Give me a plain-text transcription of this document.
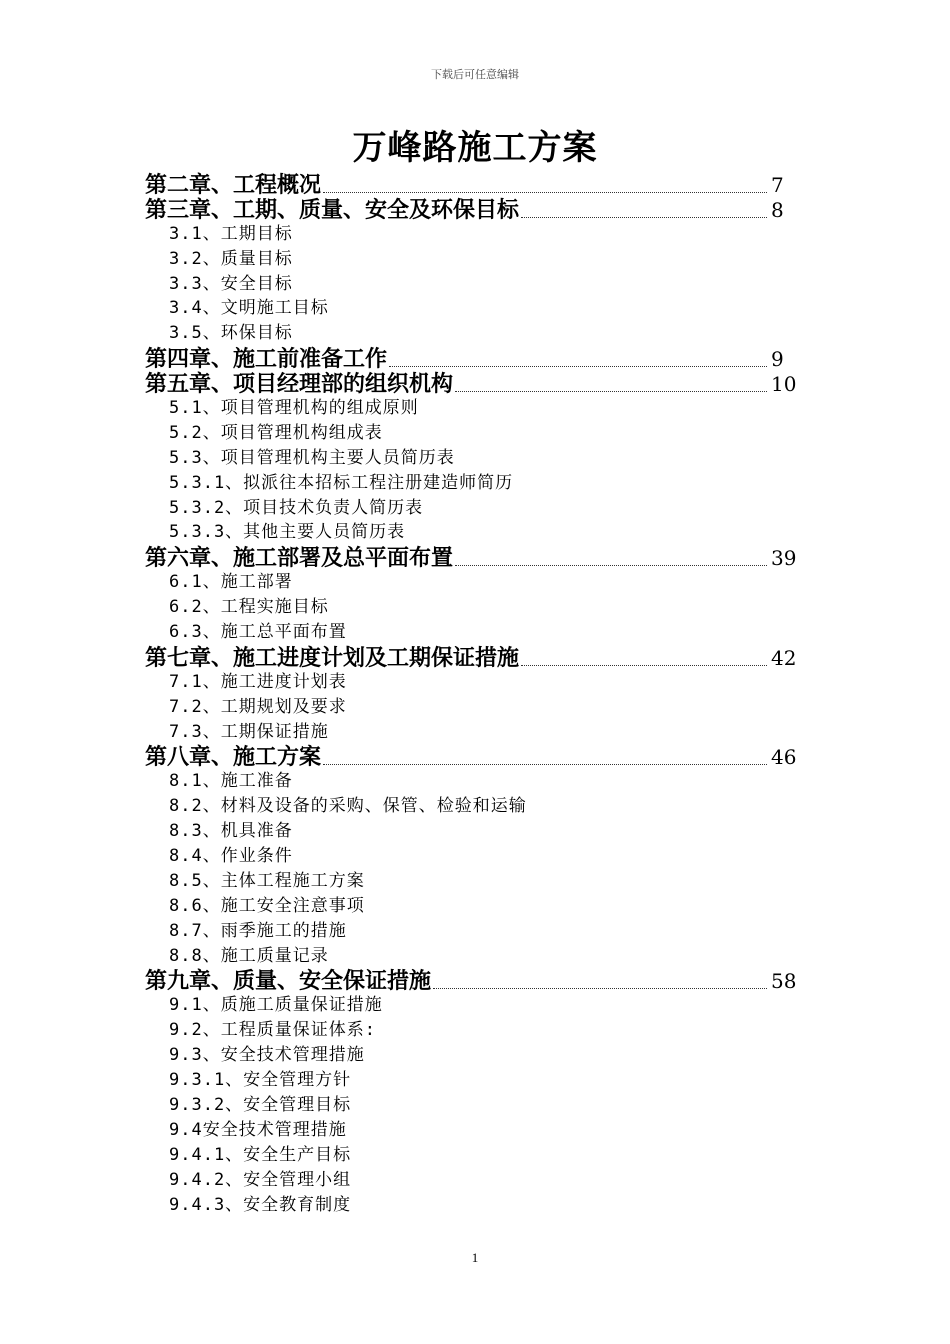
下载后可任意编辑
万峰路施工方案
第二章、工程概况	7
第三章、工期、质量、安全及环保目标	8
3.1、工期目标
3.2、质量目标
3.3、安全目标
3.4、文明施工目标
3.5、环保目标
第四章、施工前准备工作	9
第五章、项目经理部的组织机构	10
5.1、项目管理机构的组成原则
5.2、项目管理机构组成表
5.3、项目管理机构主要人员简历表
5.3.1、拟派往本招标工程注册建造师简历
5.3.2、项目技术负责人简历表
5.3.3、其他主要人员简历表
第六章、施工部署及总平面布置	39
6.1、施工部署
6.2、工程实施目标
6.3、施工总平面布置
第七章、施工进度计划及工期保证措施	42
7.1、施工进度计划表
7.2、工期规划及要求
7.3、工期保证措施
第八章、施工方案	46
8.1、施工准备
8.2、材料及设备的采购、保管、检验和运输
8.3、机具准备
8.4、作业条件
8.5、主体工程施工方案
8.6、施工安全注意事项
8.7、雨季施工的措施
8.8、施工质量记录
第九章、质量、安全保证措施	58
9.1、质施工质量保证措施
9.2、工程质量保证体系:
9.3、安全技术管理措施
9.3.1、安全管理方针
9.3.2、安全管理目标
9.4安全技术管理措施
9.4.1、安全生产目标
9.4.2、安全管理小组
9.4.3、安全教育制度
1
